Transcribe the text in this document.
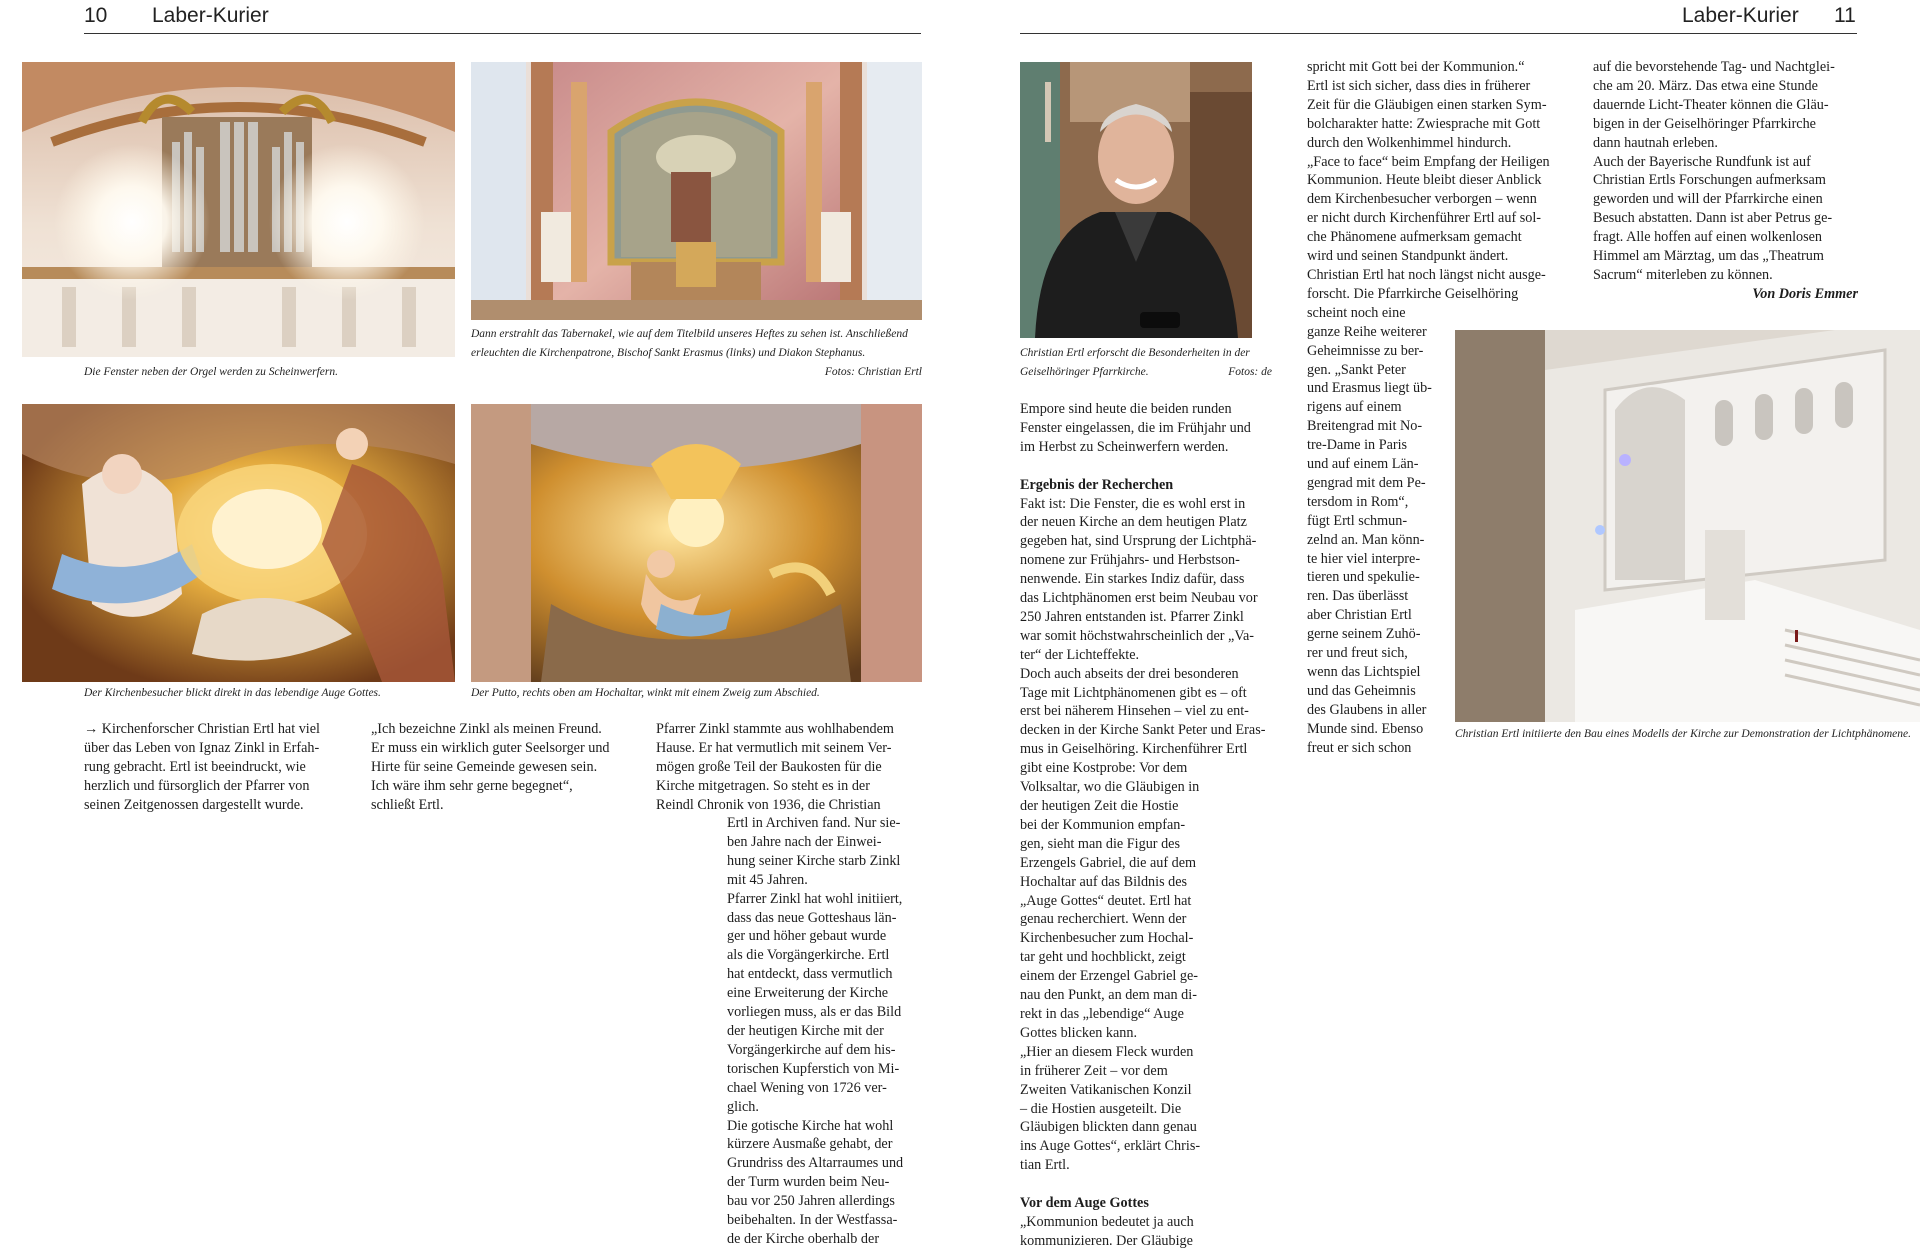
10 Laber-Kurier	Laber-Kurier 11
Die Fenster neben der Orgel werden zu Scheinwerfern.
Dann erstrahlt das Tabernakel, wie auf dem Titelbild unseres Heftes zu sehen ist. Anschließend erleuchten die Kirchenpatrone, Bischof Sankt Erasmus (links) und Diakon Stephanus.
Fotos: Christian Ertl
Der Kirchenbesucher blickt direkt in das lebendige Auge Gottes.	Der Putto, rechts oben am Hochaltar, winkt mit einem Zweig zum Abschied.

→ Kirchenforscher Christian Ertl hat viel
über das Leben von Ignaz Zinkl in Erfah-
rung gebracht. Ertl ist beeindruckt, wie
herzlich und fürsorglich der Pfarrer von
seinen Zeitgenossen dargestellt wurde.

„Ich bezeichne Zinkl als meinen Freund.
Er muss ein wirklich guter Seelsorger und
Hirte für seine Gemeinde gewesen sein.
Ich wäre ihm sehr gerne begegnet“,
schließt Ertl.

Pfarrer Zinkl stammte aus wohlhabendem
Hause. Er hat vermutlich mit seinem Ver-
mögen große Teil der Baukosten für die
Kirche mitgetragen. So steht es in der
Reindl Chronik von 1936, die Christian

Ertl in Archiven fand. Nur sie-
ben Jahre nach der Einwei-
hung seiner Kirche starb Zinkl
mit 45 Jahren.
Pfarrer Zinkl hat wohl initiiert,
dass das neue Gotteshaus län-
ger und höher gebaut wurde
als die Vorgängerkirche. Ertl
hat entdeckt, dass vermutlich
eine Erweiterung der Kirche
vorliegen muss, als er das Bild
der heutigen Kirche mit der
Vorgängerkirche auf dem his-
torischen Kupferstich von Mi-
chael Wening von 1726 ver-
glich.
Die gotische Kirche hat wohl
kürzere Ausmaße gehabt, der
Grundriss des Altarraumes und
der Turm wurden beim Neu-
bau vor 250 Jahren allerdings
beibehalten. In der Westfassa-
de der Kirche oberhalb der

Christian Ertl erforscht die Besonderheiten in der Geiselhöringer Pfarrkirche.	Fotos: de
Christian Ertl initiierte den Bau eines Modells der Kirche zur Demonstration der Lichtphänomene.

Empore sind heute die beiden runden
Fenster eingelassen, die im Frühjahr und
im Herbst zu Scheinwerfern werden.

Ergebnis der Recherchen

Fakt ist: Die Fenster, die es wohl erst in
der neuen Kirche an dem heutigen Platz
gegeben hat, sind Ursprung der Lichtphä-
nomene zur Frühjahrs- und Herbstson-
nenwende. Ein starkes Indiz dafür, dass
das Lichtphänomen erst beim Neubau vor
250 Jahren entstanden ist. Pfarrer Zinkl
war somit höchstwahrscheinlich der „Va-
ter“ der Lichteffekte.
Doch auch abseits der drei besonderen
Tage mit Lichtphänomenen gibt es – oft
erst bei näherem Hinsehen – viel zu ent-
decken in der Kirche Sankt Peter und Eras-
mus in Geiselhöring. Kirchenführer Ertl
gibt eine Kostprobe: Vor dem
Volksaltar, wo die Gläubigen in
der heutigen Zeit die Hostie
bei der Kommunion empfan-
gen, sieht man die Figur des
Erzengels Gabriel, die auf dem
Hochaltar auf das Bildnis des
„Auge Gottes“ deutet. Ertl hat
genau recherchiert. Wenn der
Kirchenbesucher zum Hochal-
tar geht und hochblickt, zeigt
einem der Erzengel Gabriel ge-
nau den Punkt, an dem man di-
rekt in das „lebendige“ Auge
Gottes blicken kann.
„Hier an diesem Fleck wurden
in früherer Zeit – vor dem
Zweiten Vatikanischen Konzil
– die Hostien ausgeteilt. Die
Gläubigen blickten dann genau
ins Auge Gottes“, erklärt Chris-
tian Ertl.

Vor dem Auge Gottes

„Kommunion bedeutet ja auch
kommunizieren. Der Gläubige

spricht mit Gott bei der Kommunion.“
Ertl ist sich sicher, dass dies in früherer
Zeit für die Gläubigen einen starken Sym-
bolcharakter hatte: Zwiesprache mit Gott
durch den Wolkenhimmel hindurch.
„Face to face“ beim Empfang der Heiligen
Kommunion. Heute bleibt dieser Anblick
dem Kirchenbesucher verborgen – wenn
er nicht durch Kirchenführer Ertl auf sol-
che Phänomene aufmerksam gemacht
wird und seinen Standpunkt ändert.
Christian Ertl hat noch längst nicht ausge-
forscht. Die Pfarrkirche Geiselhöring
scheint noch eine
ganze Reihe weiterer
Geheimnisse zu ber-
gen. „Sankt Peter
und Erasmus liegt üb-
rigens auf einem
Breitengrad mit No-
tre-Dame in Paris
und auf einem Län-
gengrad mit dem Pe-
tersdom in Rom“,
fügt Ertl schmun-
zelnd an. Man könn-
te hier viel interpre-
tieren und spekulie-
ren. Das überlässt
aber Christian Ertl
gerne seinem Zuhö-
rer und freut sich,
wenn das Lichtspiel
und das Geheimnis
des Glaubens in aller
Munde sind. Ebenso
freut er sich schon

auf die bevorstehende Tag- und Nachtglei-
che am 20. März. Das etwa eine Stunde
dauernde Licht-Theater können die Gläu-
bigen in der Geiselhöringer Pfarrkirche
dann hautnah erleben.
Auch der Bayerische Rundfunk ist auf
Christian Ertls Forschungen aufmerksam
geworden und will der Pfarrkirche einen
Besuch abstatten. Dann ist aber Petrus ge-
fragt. Alle hoffen auf einen wolkenlosen
Himmel am Märztag, um das „Theatrum
Sacrum“ miterleben zu können.

Von Doris Emmer
